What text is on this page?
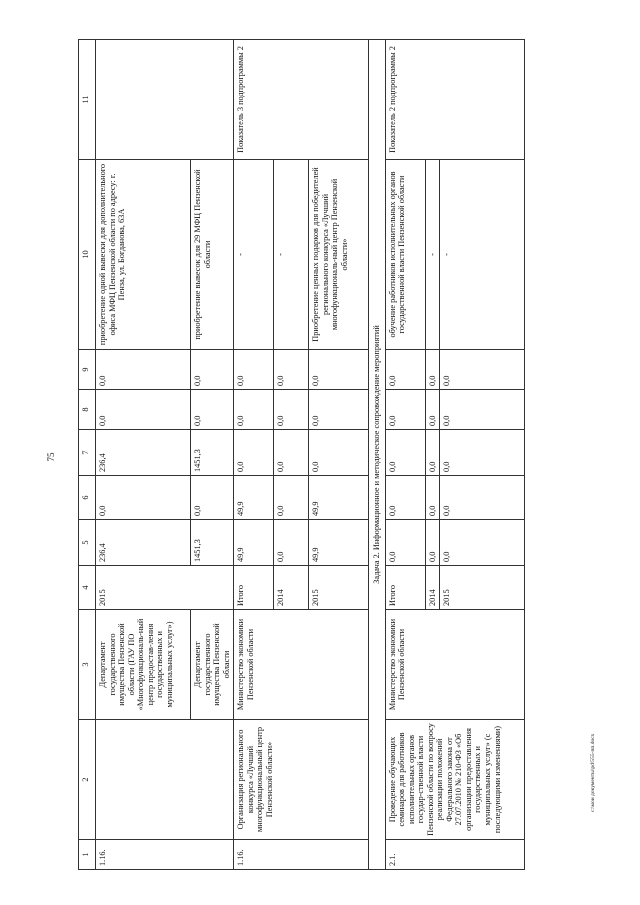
75
c:\мои документы\pd\555-пп.docx
1	2	3	4	5	6	7	8	9	10	11
1.16.		Департамент государственного имущества Пензенской области (ГАУ ПО «Многофункциональ-ный центр предостав-ления государственных и муниципальных услуг»)	2015	236,4	0,0	236,4	0,0	0,0	приобретение одной вывески для дополнительного офиса МФЦ Пензенской области по адресу: г. Пенза, ул. Богданова, 63А	
		Департамент государственного имущества Пензенской области		1451,3	0,0	1451,3	0,0	0,0	приобретение вывесок для 29 МФЦ Пензенской области	
1.16.	Организация регионального конкурса «Лучший многофункциональный центр Пензенской области»	Министерство экономики Пензенской области	Итого	49,9	49,9	0,0	0,0	0,0	-	Показатель 3 подпрограммы 2
			2014	0,0	0,0	0,0	0,0	0,0	-	
			2015	49,9	49,9	0,0	0,0	0,0	Приобретение ценных подарков для победителей регионального конкурса «Лучший многофункциональ-ный центр Пензенской области»	
Задача 2. Информационное и методическое сопровождение мероприятий										
2.1.	Проведение обучающих семинаров для работников исполнительных органов государ-ственной власти Пензенской области по вопросу реализации положений Федерального закона от 27.07.2010 № 210-ФЗ «Об организации предоставления государственных и муниципальных услуг» (с последующими изменениями)	Министерство экономики Пензенской области	Итого	0,0	0,0	0,0	0,0	0,0	обучение работников исполнительных органов государственной власти Пензенской области	Показатель 2 подпрограммы 2
			2014	0,0	0,0	0,0	0,0	0,0	-	
			2015	0,0	0,0	0,0	0,0	0,0	-	
